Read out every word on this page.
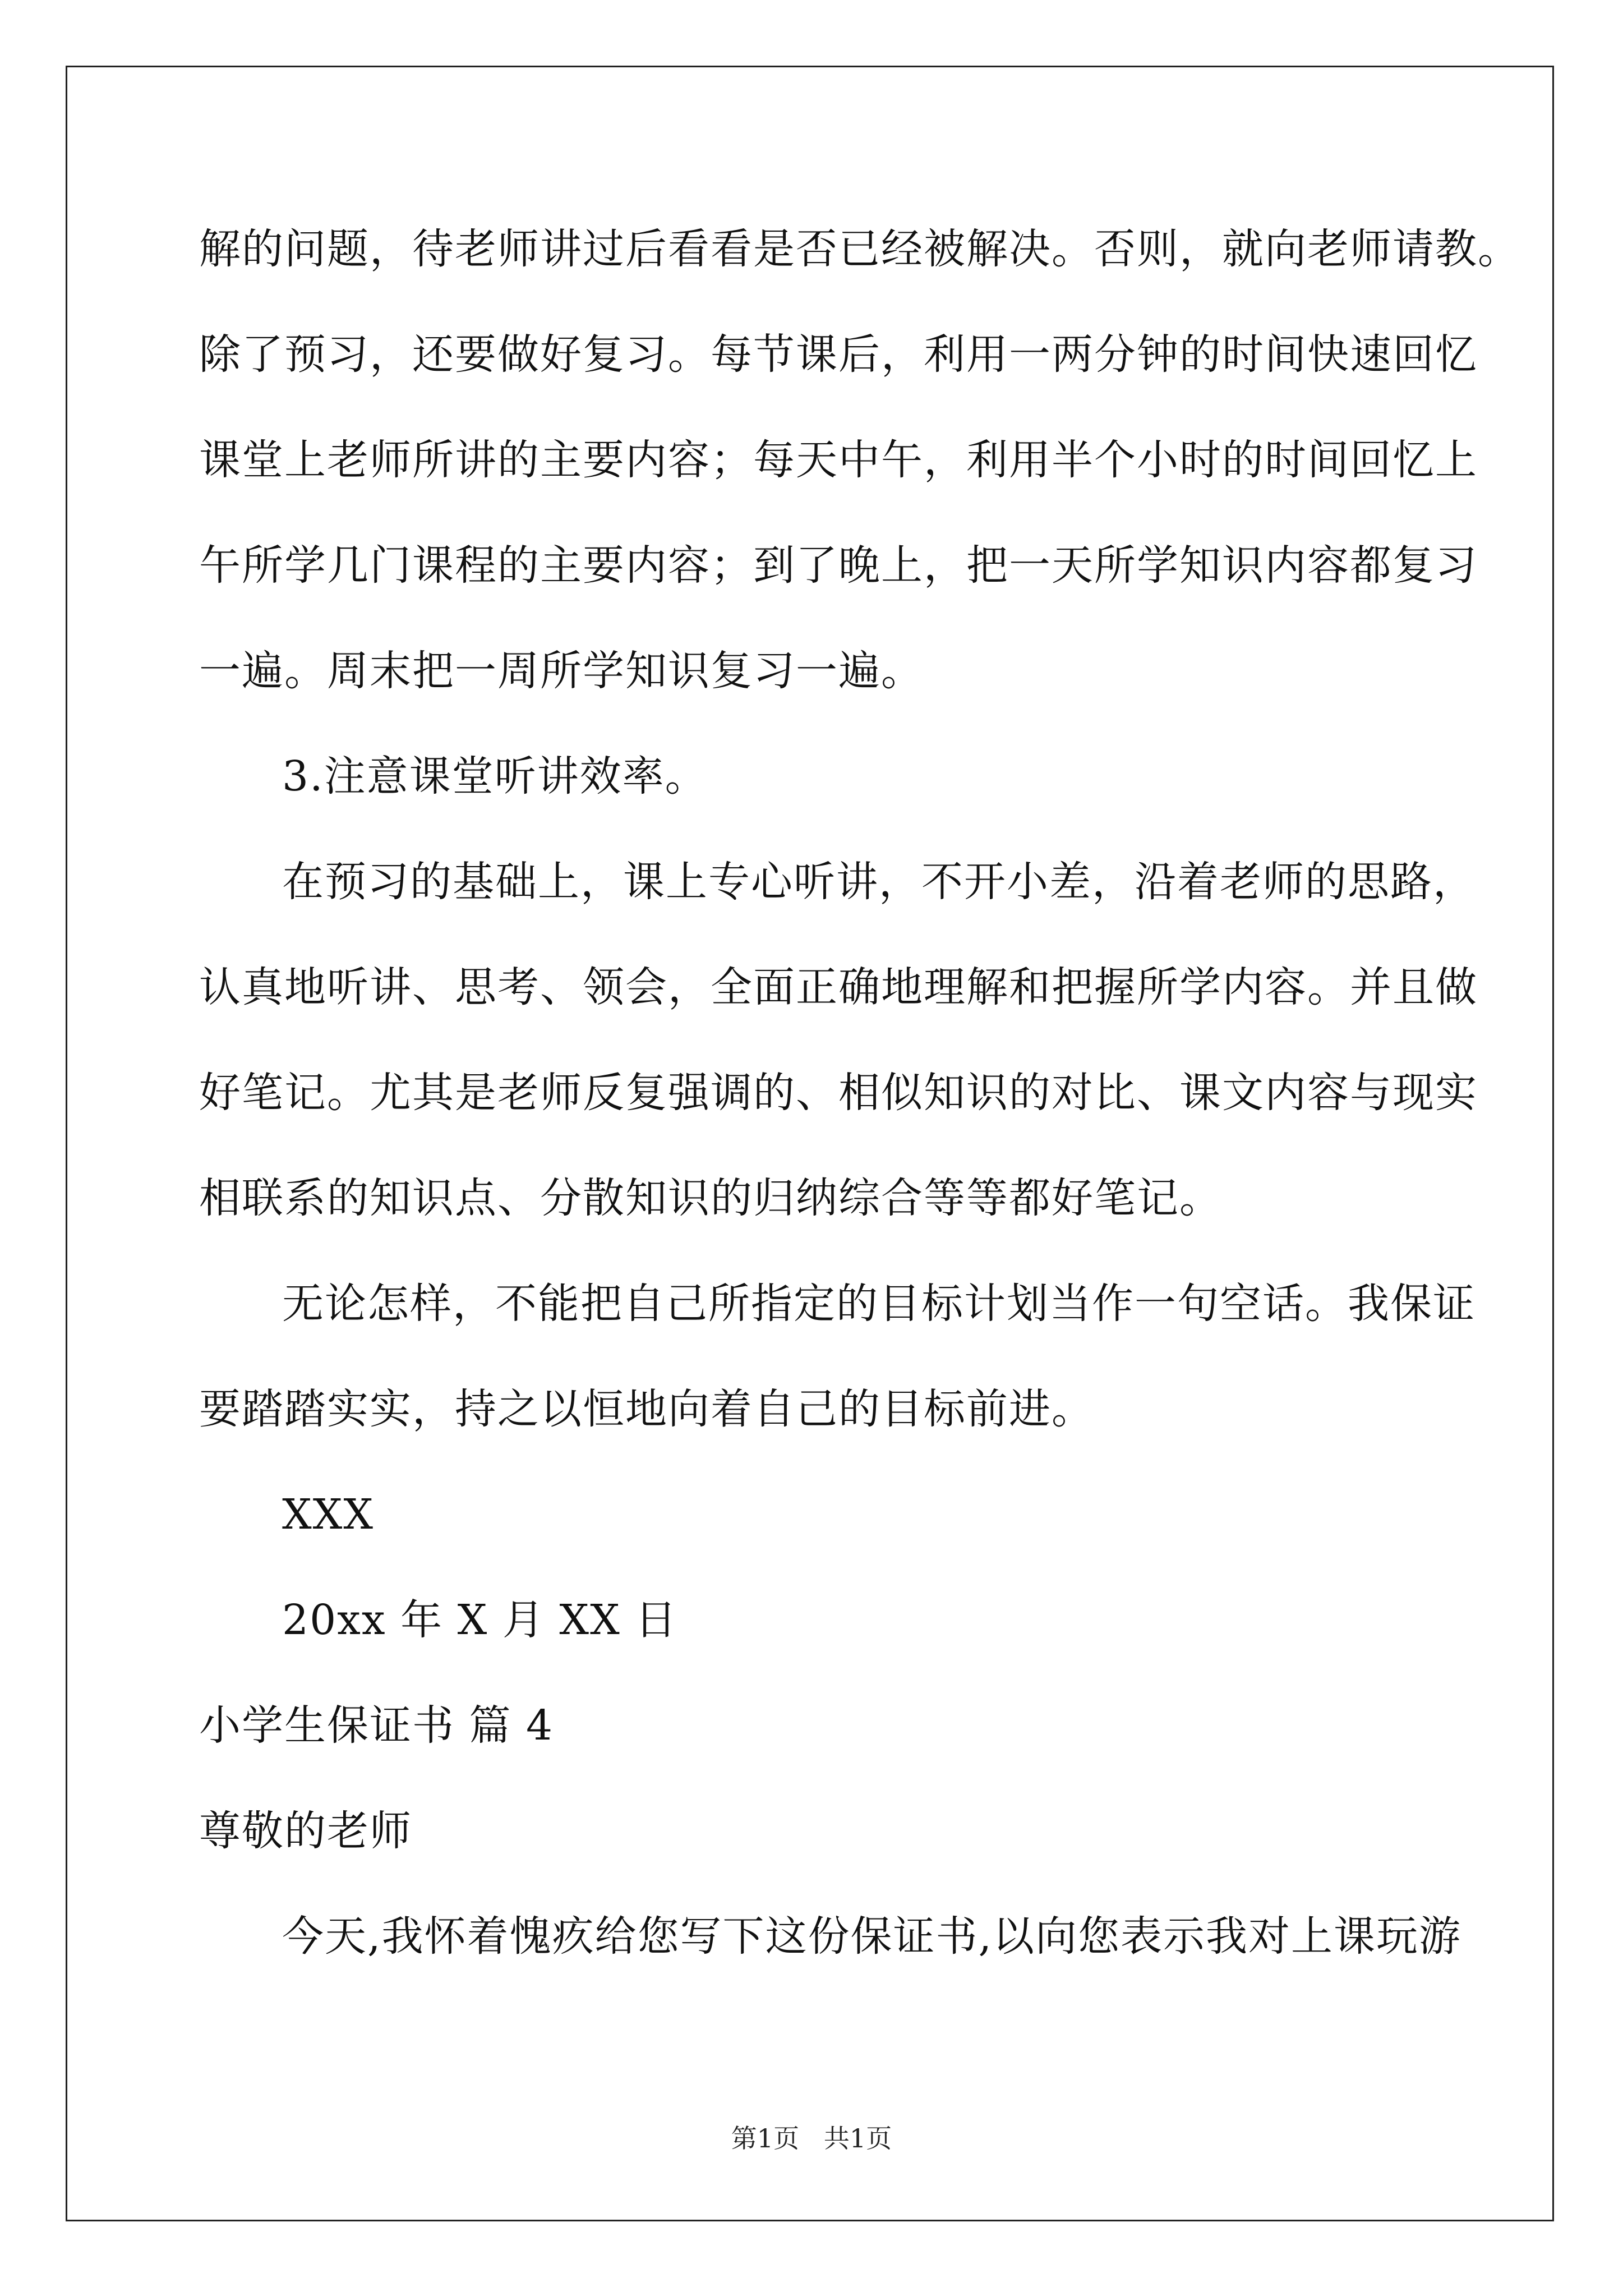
解的问题，待老师讲过后看看是否已经被解决。否则，就向老师请教。
除了预习，还要做好复习。每节课后，利用一两分钟的时间快速回忆
课堂上老师所讲的主要内容；每天中午，利用半个小时的时间回忆上
午所学几门课程的主要内容；到了晚上，把一天所学知识内容都复习
一遍。周末把一周所学知识复习一遍。
3.注意课堂听讲效率。
在预习的基础上，课上专心听讲，不开小差，沿着老师的思路，
认真地听讲、思考、领会，全面正确地理解和把握所学内容。并且做
好笔记。尤其是老师反复强调的、相似知识的对比、课文内容与现实
相联系的知识点、分散知识的归纳综合等等都好笔记。
无论怎样，不能把自己所指定的目标计划当作一句空话。我保证
要踏踏实实，持之以恒地向着自己的目标前进。
XXX
20xx 年 X 月 XX 日
小学生保证书 篇 4
尊敬的老师
今天,我怀着愧疚给您写下这份保证书,以向您表示我对上课玩游
第1页   共1页
